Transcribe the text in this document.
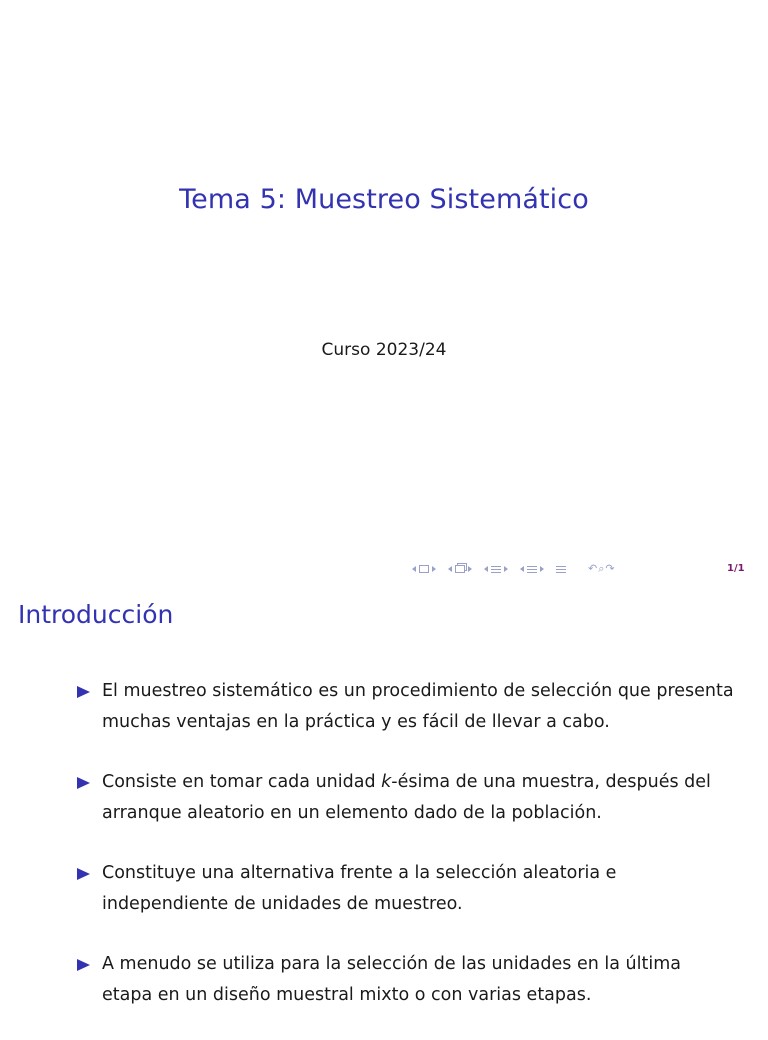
Tema 5: Muestreo Sistemático
Curso 2023/24
↶⌕↷	1/1
Introducción
El muestreo sistemático es un procedimiento de selección que presenta muchas ventajas en la práctica y es fácil de llevar a cabo.
Consiste en tomar cada unidad k-ésima de una muestra, después del arranque aleatorio en un elemento dado de la población.
Constituye una alternativa frente a la selección aleatoria e independiente de unidades de muestreo.
A menudo se utiliza para la selección de las unidades en la última etapa en un diseño muestral mixto o con varias etapas.
